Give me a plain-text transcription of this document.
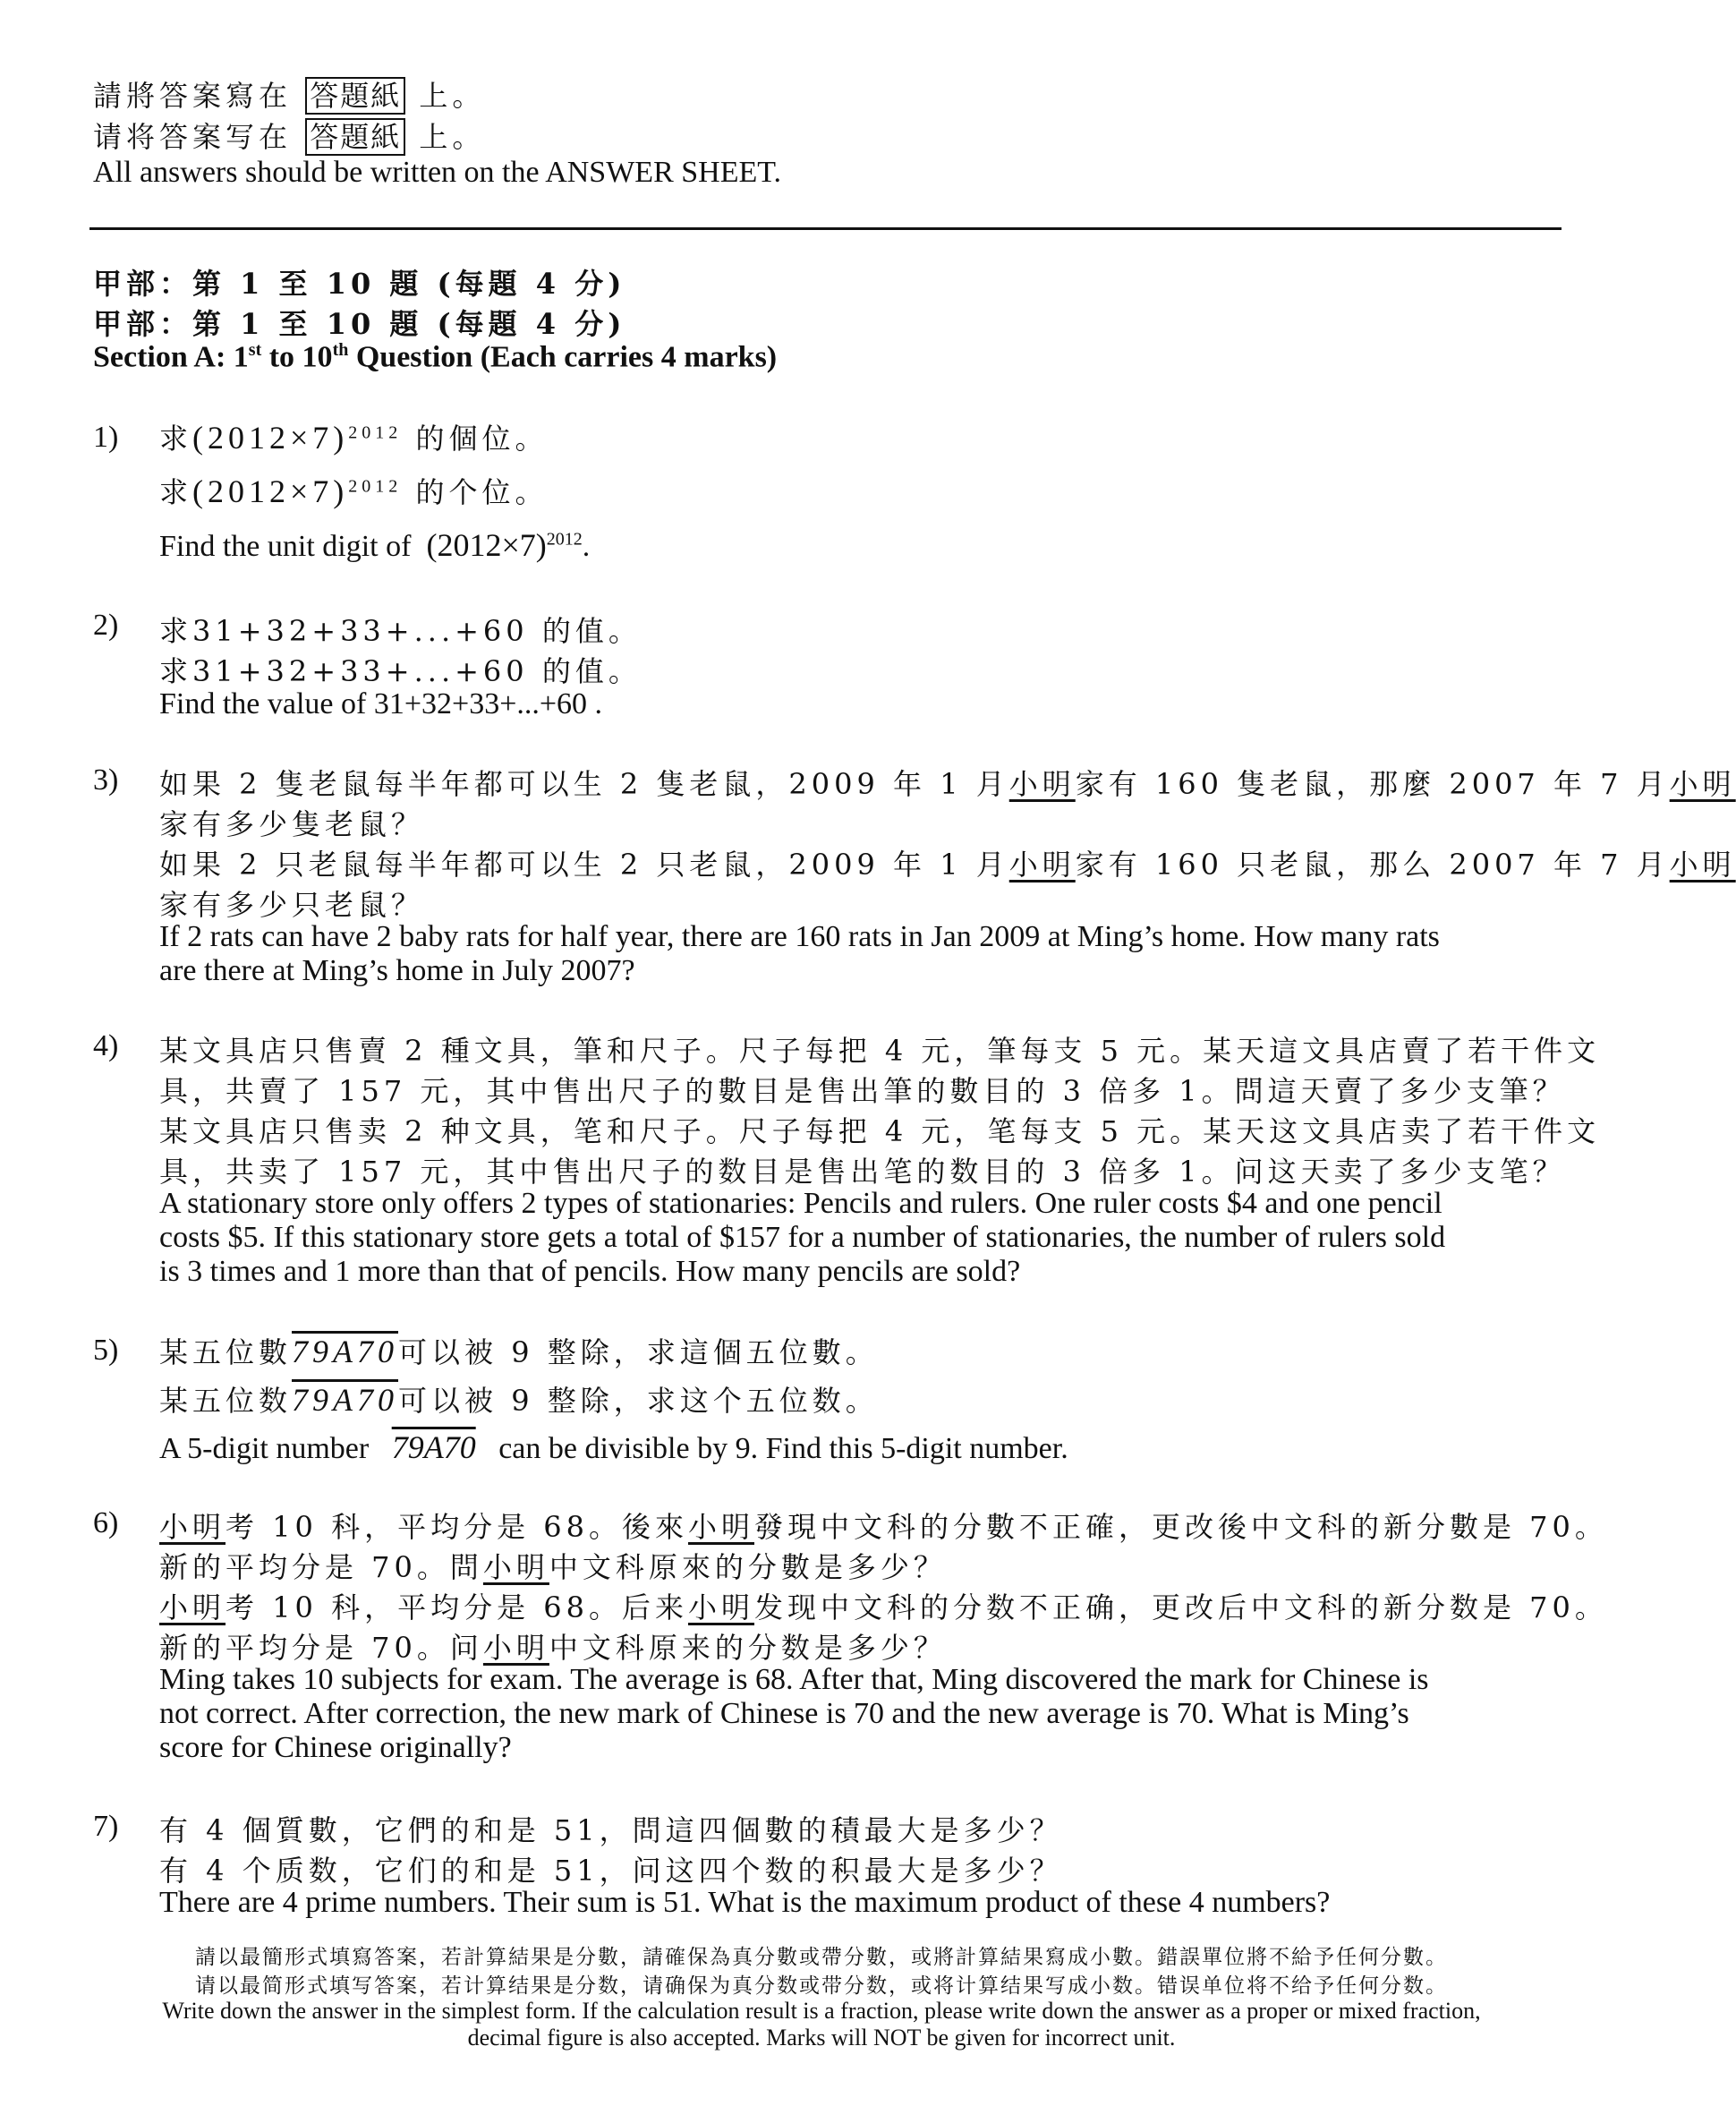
請將答案寫在 答題紙 上。
请将答案写在 答題紙 上。
All answers should be written on the ANSWER SHEET.
甲部：第 1 至 10 題 (每題 4 分)
甲部：第 1 至 10 題 (每題 4 分)
Section A: 1st to 10th Question (Each carries 4 marks)
1) 求$(2012\times 7)^{2012}$ 的個位。
求$(2012\times 7)^{2012}$ 的个位。
Find the unit digit of $(2012\times 7)^{2012}$.
2) 求31+32+33+...+60 的值。
求31+32+33+...+60 的值。
Find the value of 31+32+33+...+60 .
3) 如果 2 隻老鼠每半年都可以生 2 隻老鼠，2009 年 1 月小明家有 160 隻老鼠，那麼 2007 年 7 月小明
家有多少隻老鼠？
如果 2 只老鼠每半年都可以生 2 只老鼠，2009 年 1 月小明家有 160 只老鼠，那么 2007 年 7 月小明
家有多少只老鼠？
If 2 rats can have 2 baby rats for half year, there are 160 rats in Jan 2009 at Ming’s home. How many rats
are there at Ming’s home in July 2007?
4) 某文具店只售賣 2 種文具，筆和尺子。尺子每把 4 元，筆每支 5 元。某天這文具店賣了若干件文
具，共賣了 157 元，其中售出尺子的數目是售出筆的數目的 3 倍多 1。問這天賣了多少支筆？
某文具店只售卖 2 种文具，笔和尺子。尺子每把 4 元，笔每支 5 元。某天这文具店卖了若干件文
具，共卖了 157 元，其中售出尺子的数目是售出笔的数目的 3 倍多 1。问这天卖了多少支笔？
A stationary store only offers 2 types of stationaries: Pencils and rulers. One ruler costs $4 and one pencil
costs $5. If this stationary store gets a total of $157 for a number of stationaries, the number of rulers sold
is 3 times and 1 more than that of pencils. How many pencils are sold?
5) 某五位數79A70可以被 9 整除，求這個五位數。
某五位数79A70可以被 9 整除，求这个五位数。
A 5-digit number 79A70 can be divisible by 9. Find this 5-digit number.
6) 小明考 10 科，平均分是 68。後來小明發現中文科的分數不正確，更改後中文科的新分數是 70。
新的平均分是 70。問小明中文科原來的分數是多少？
小明考 10 科，平均分是 68。后来小明发现中文科的分数不正确，更改后中文科的新分数是 70。
新的平均分是 70。问小明中文科原来的分数是多少？
Ming takes 10 subjects for exam. The average is 68. After that, Ming discovered the mark for Chinese is
not correct. After correction, the new mark of Chinese is 70 and the new average is 70. What is Ming’s
score for Chinese originally?
7) 有 4 個質數，它們的和是 51，問這四個數的積最大是多少？
有 4 个质数，它们的和是 51，问这四个数的积最大是多少？
There are 4 prime numbers. Their sum is 51. What is the maximum product of these 4 numbers?
請以最簡形式填寫答案，若計算結果是分數，請確保為真分數或帶分數，或將計算結果寫成小數。錯誤單位將不給予任何分數。
请以最简形式填写答案，若计算结果是分数，请确保为真分数或带分数，或将计算结果写成小数。错误单位将不给予任何分数。
Write down the answer in the simplest form. If the calculation result is a fraction, please write down the answer as a proper or mixed fraction,
decimal figure is also accepted. Marks will NOT be given for incorrect unit.
